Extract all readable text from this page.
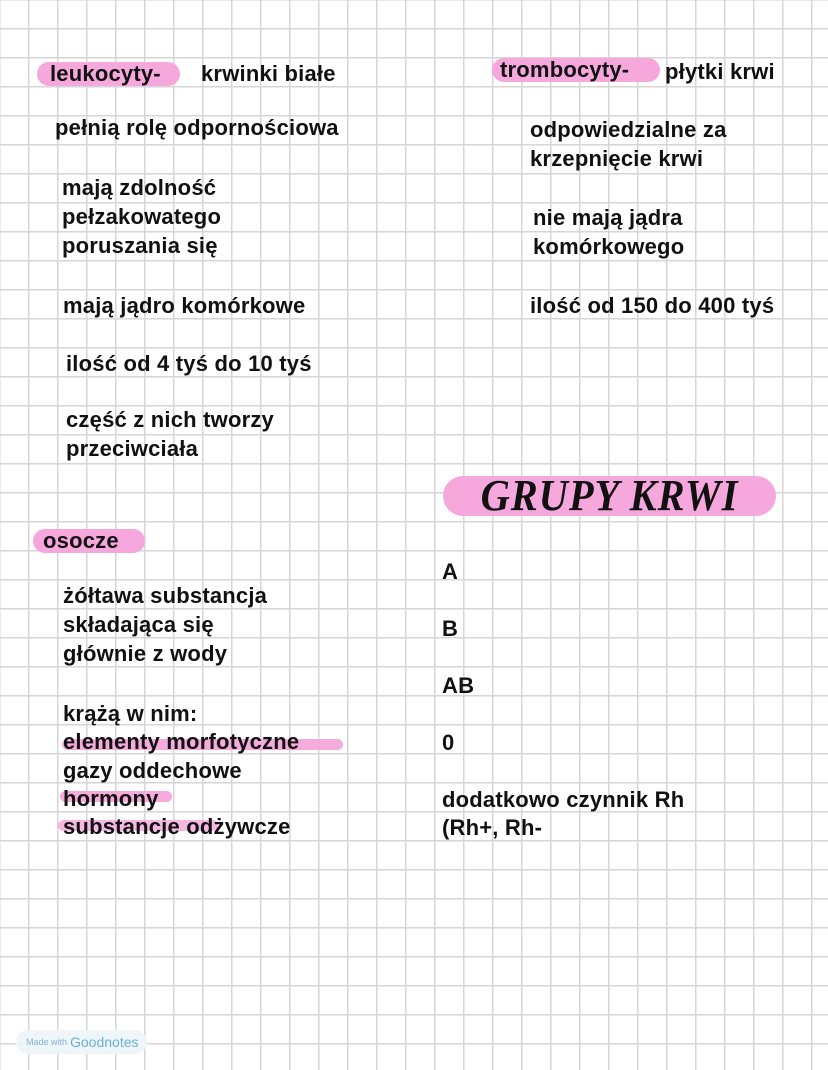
leukocyty- krwinki białe
pełnią rolę odpornościowa
mają zdolność
pełzakowatego
poruszania się
mają jądro komórkowe
ilość od 4 tyś do 10 tyś
część z nich tworzy
przeciwciała
trombocyty- płytki krwi
odpowiedzialne za
krzepnięcie krwi
nie mają jądra
komórkowego
ilość od 150 do 400 tyś
osocze
żółtawa substancja
składająca się
głównie z wody
krążą w nim:
elementy morfotyczne
gazy oddechowe
hormony
substancje odżywcze
GRUPY KRWI
A
B
AB
0
dodatkowo czynnik Rh
(Rh+, Rh-
Made with Goodnotes
